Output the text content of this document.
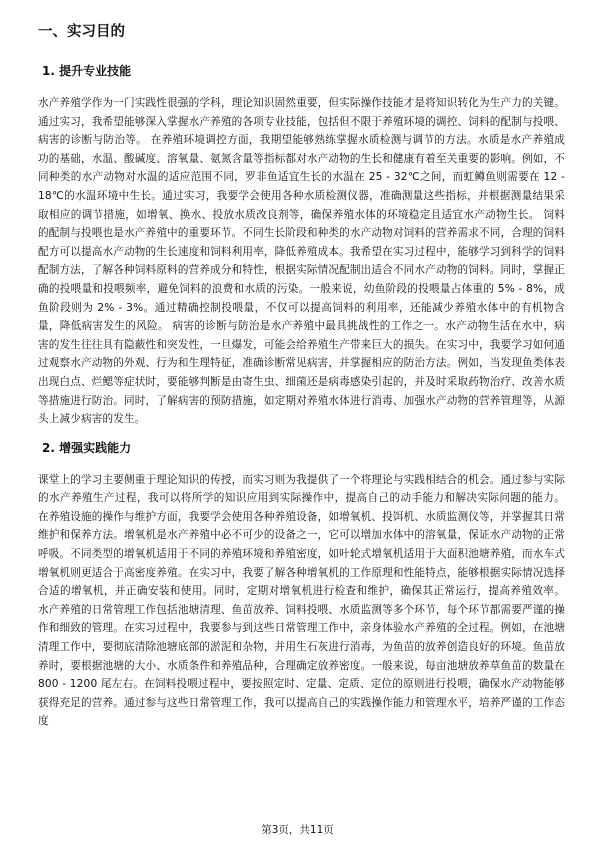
一、实习目的
1. 提升专业技能

水产养殖学作为一门实践性很强的学科，理论知识固然重要，但实际操作技能才是将知识转化为生产力的关键。通过实习，我希望能够深入掌握水产养殖的各项专业技能，包括但不限于养殖环境的调控、饲料的配制与投喂、病害的诊断与防治等。 在养殖环境调控方面，我期望能够熟练掌握水质检测与调节的方法。水质是水产养殖成功的基础，水温、酸碱度、溶氧量、氨氮含量等指标都对水产动物的生长和健康有着至关重要的影响。例如，不同种类的水产动物对水温的适应范围不同，罗非鱼适宜生长的水温在 25 - 32℃之间，而虹鳟鱼则需要在 12 - 18℃的水温环境中生长。通过实习，我要学会使用各种水质检测仪器，准确测量这些指标，并根据测量结果采取相应的调节措施，如增氧、换水、投放水质改良剂等，确保养殖水体的环境稳定且适宜水产动物生长。 饲料的配制与投喂也是水产养殖中的重要环节。不同生长阶段和种类的水产动物对饲料的营养需求不同，合理的饲料配方可以提高水产动物的生长速度和饲料利用率，降低养殖成本。我希望在实习过程中，能够学习到科学的饲料配制方法，了解各种饲料原料的营养成分和特性，根据实际情况配制出适合不同水产动物的饲料。同时，掌握正确的投喂量和投喂频率，避免饲料的浪费和水质的污染。一般来说，幼鱼阶段的投喂量占体重的 5% - 8%，成鱼阶段则为 2% - 3%。通过精确控制投喂量，不仅可以提高饲料的利用率，还能减少养殖水体中的有机物含量，降低病害发生的风险。 病害的诊断与防治是水产养殖中最具挑战性的工作之一。水产动物生活在水中，病害的发生往往具有隐蔽性和突发性，一旦爆发，可能会给养殖生产带来巨大的损失。在实习中，我要学习如何通过观察水产动物的外观、行为和生理特征，准确诊断常见病害，并掌握相应的防治方法。例如，当发现鱼类体表出现白点、烂鳃等症状时，要能够判断是由寄生虫、细菌还是病毒感染引起的，并及时采取药物治疗、改善水质等措施进行防治。同时，了解病害的预防措施，如定期对养殖水体进行消毒、加强水产动物的营养管理等，从源头上减少病害的发生。

2. 增强实践能力

课堂上的学习主要侧重于理论知识的传授，而实习则为我提供了一个将理论与实践相结合的机会。通过参与实际的水产养殖生产过程，我可以将所学的知识应用到实际操作中，提高自己的动手能力和解决实际问题的能力。 在养殖设施的操作与维护方面，我要学会使用各种养殖设备，如增氧机、投饵机、水质监测仪等，并掌握其日常维护和保养方法。增氧机是水产养殖中必不可少的设备之一，它可以增加水体中的溶氧量，保证水产动物的正常呼吸。不同类型的增氧机适用于不同的养殖环境和养殖密度，如叶轮式增氧机适用于大面积池塘养殖，而水车式增氧机则更适合于高密度养殖。在实习中，我要了解各种增氧机的工作原理和性能特点，能够根据实际情况选择合适的增氧机，并正确安装和使用。同时，定期对增氧机进行检查和维护，确保其正常运行，提高养殖效率。 水产养殖的日常管理工作包括池塘清理、鱼苗放养、饲料投喂、水质监测等多个环节，每个环节都需要严谨的操作和细致的管理。在实习过程中，我要参与到这些日常管理工作中，亲身体验水产养殖的全过程。例如，在池塘清理工作中，要彻底清除池塘底部的淤泥和杂物，并用生石灰进行消毒，为鱼苗的放养创造良好的环境。鱼苗放养时，要根据池塘的大小、水质条件和养殖品种，合理确定放养密度。一般来说，每亩池塘放养草鱼苗的数量在 800 - 1200 尾左右。在饲料投喂过程中，要按照定时、定量、定质、定位的原则进行投喂，确保水产动物能够获得充足的营养。通过参与这些日常管理工作，我可以提高自己的实践操作能力和管理水平，培养严谨的工作态度

第3页，共11页
